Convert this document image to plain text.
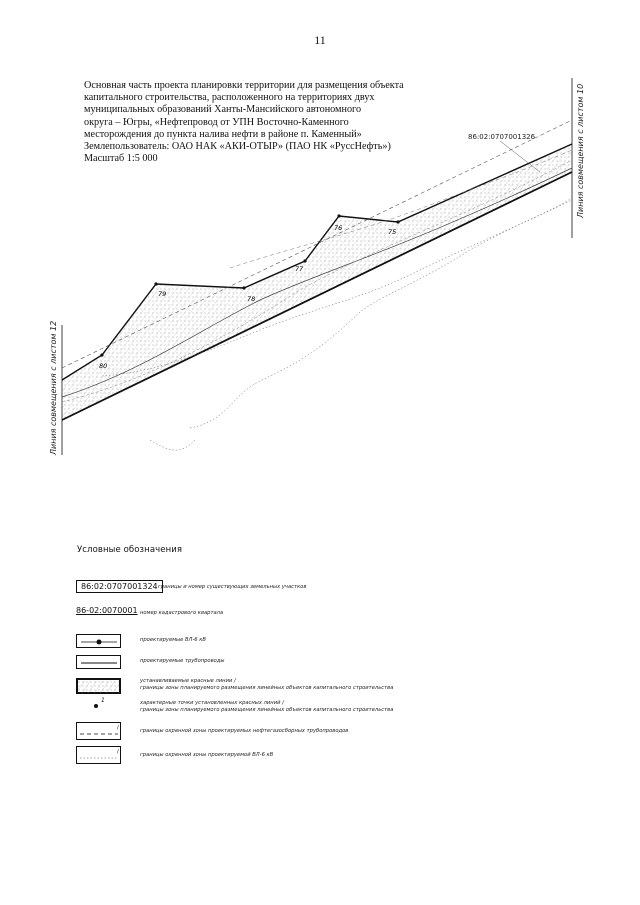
11
Основная часть проекта планировки территории для размещения объекта
капитального строительства, расположенного на территориях двух
муниципальных образований Ханты-Мансийского автономного
округа – Югры, «Нефтепровод от УПН Восточно-Каменного
месторождения до пункта налива нефти в районе п. Каменный»
Землепользователь: ОАО НАК «АКИ-ОТЫР» (ПАО НК «РуссНефть»)
Масштаб 1:5 000
Линия совмещения с листом 12
Линия совмещения с листом 10
86:02:0707001326
80
79
78
77
76	75
Условные обозначения
86:02:0707001324 границы и номер существующих земельных участков
86-02:0070001 номер кадастрового квартала
проектируемые ВЛ-6 кВ
проектируемые трубопроводы
устанавливаемые красные линии /
границы зоны планируемого размещения линейных объектов капитального строительства
1	характерные точки установленных красных линий /
границы зоны планируемого размещения линейных объектов капитального строительства
/	границы охранной зоны проектируемых нефтегазосборных трубопроводов
/	границы охранной зоны проектируемой ВЛ-6 кВ
